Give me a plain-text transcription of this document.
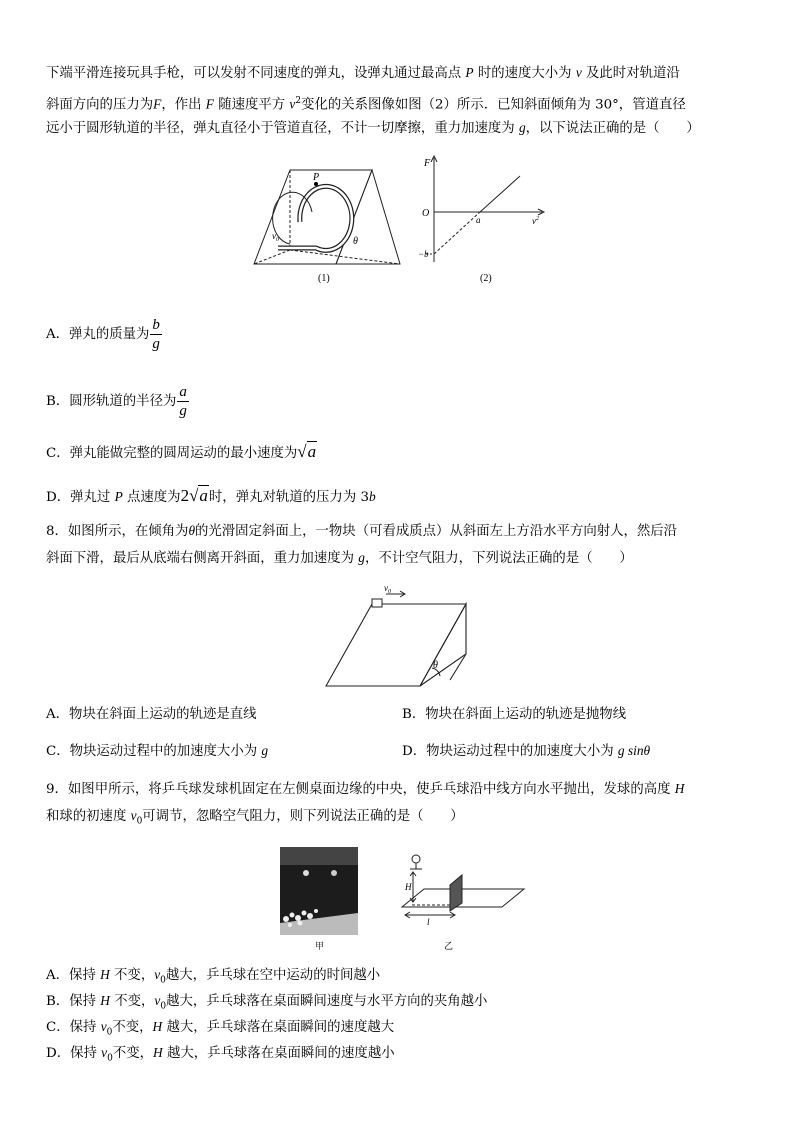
下端平滑连接玩具手枪，可以发射不同速度的弹丸，设弹丸通过最高点 P 时的速度大小为 v 及此时对轨道沿
斜面方向的压力为F，作出 F 随速度平方 $v^2$变化的关系图像如图（2）所示．已知斜面倾角为 30°，管道直径
远小于圆形轨道的半径，弹丸直径小于管道直径，不计一切摩擦，重力加速度为 g，以下说法正确的是（　　）
P
$v_0$	θ
(1)
F
O
a
−b
$v^2$
(2)
A．弹丸的质量为 $\frac{b}{g}$
B．圆形轨道的半径为 $\frac{a}{g}$
C．弹丸能做完整的圆周运动的最小速度为√a
D．弹丸过 P 点速度为2√a时，弹丸对轨道的压力为 3b
8．如图所示，在倾角为θ的光滑固定斜面上，一物块（可看成质点）从斜面左上方沿水平方向射人，然后沿
斜面下滑，最后从底端右侧离开斜面，重力加速度为 g，不计空气阻力，下列说法正确的是（　　）
$v_0$
θ
A．物块在斜面上运动的轨迹是直线	B．物块在斜面上运动的轨迹是抛物线
C．物块运动过程中的加速度大小为 g	D．物块运动过程中的加速度大小为 g sinθ
9．如图甲所示，将乒乓球发球机固定在左侧桌面边缘的中央，使乒乓球沿中线方向水平抛出，发球的高度 H
和球的初速度 $v_0$可调节，忽略空气阻力，则下列说法正确的是（　　）
甲
H
l
乙
A．保持 H 不变，$v_0$越大，乒乓球在空中运动的时间越小
B．保持 H 不变，$v_0$越大，乒乓球落在桌面瞬间速度与水平方向的夹角越小
C．保持 $v_0$不变，H 越大，乒乓球落在桌面瞬间的速度越大
D．保持 $v_0$不变，H 越大，乒乓球落在桌面瞬间的速度越小
